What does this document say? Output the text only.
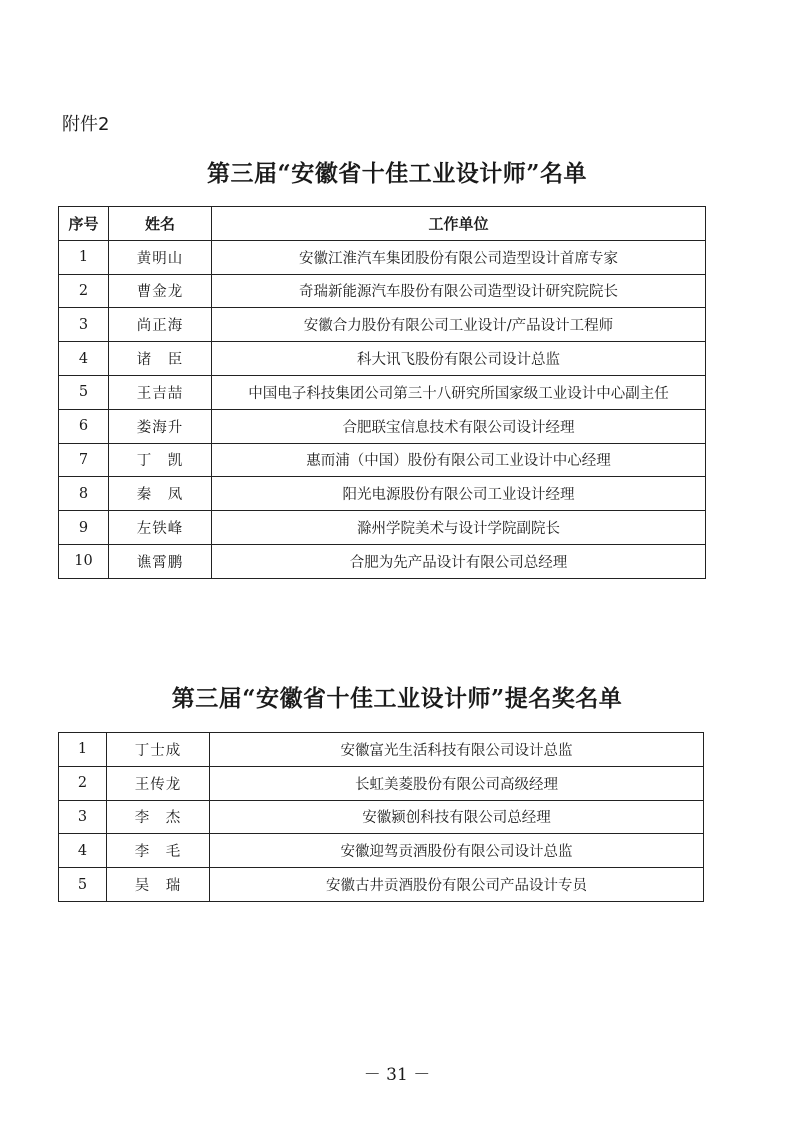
附件2
第三届“安徽省十佳工业设计师”名单
序号	姓名	工作单位
1	黄明山	安徽江淮汽车集团股份有限公司造型设计首席专家
2	曹金龙	奇瑞新能源汽车股份有限公司造型设计研究院院长
3	尚正海	安徽合力股份有限公司工业设计/产品设计工程师
4	诸　臣	科大讯飞股份有限公司设计总监
5	王吉喆	中国电子科技集团公司第三十八研究所国家级工业设计中心副主任
6	娄海升	合肥联宝信息技术有限公司设计经理
7	丁　凯	惠而浦（中国）股份有限公司工业设计中心经理
8	秦　凤	阳光电源股份有限公司工业设计经理
9	左铁峰	滁州学院美术与设计学院副院长
10	谯霄鹏	合肥为先产品设计有限公司总经理
第三届“安徽省十佳工业设计师”提名奖名单
1	丁士成	安徽富光生活科技有限公司设计总监
2	王传龙	长虹美菱股份有限公司高级经理
3	李　杰	安徽颍创科技有限公司总经理
4	李　毛	安徽迎驾贡酒股份有限公司设计总监
5	吴　瑞	安徽古井贡酒股份有限公司产品设计专员
－ 31 －
